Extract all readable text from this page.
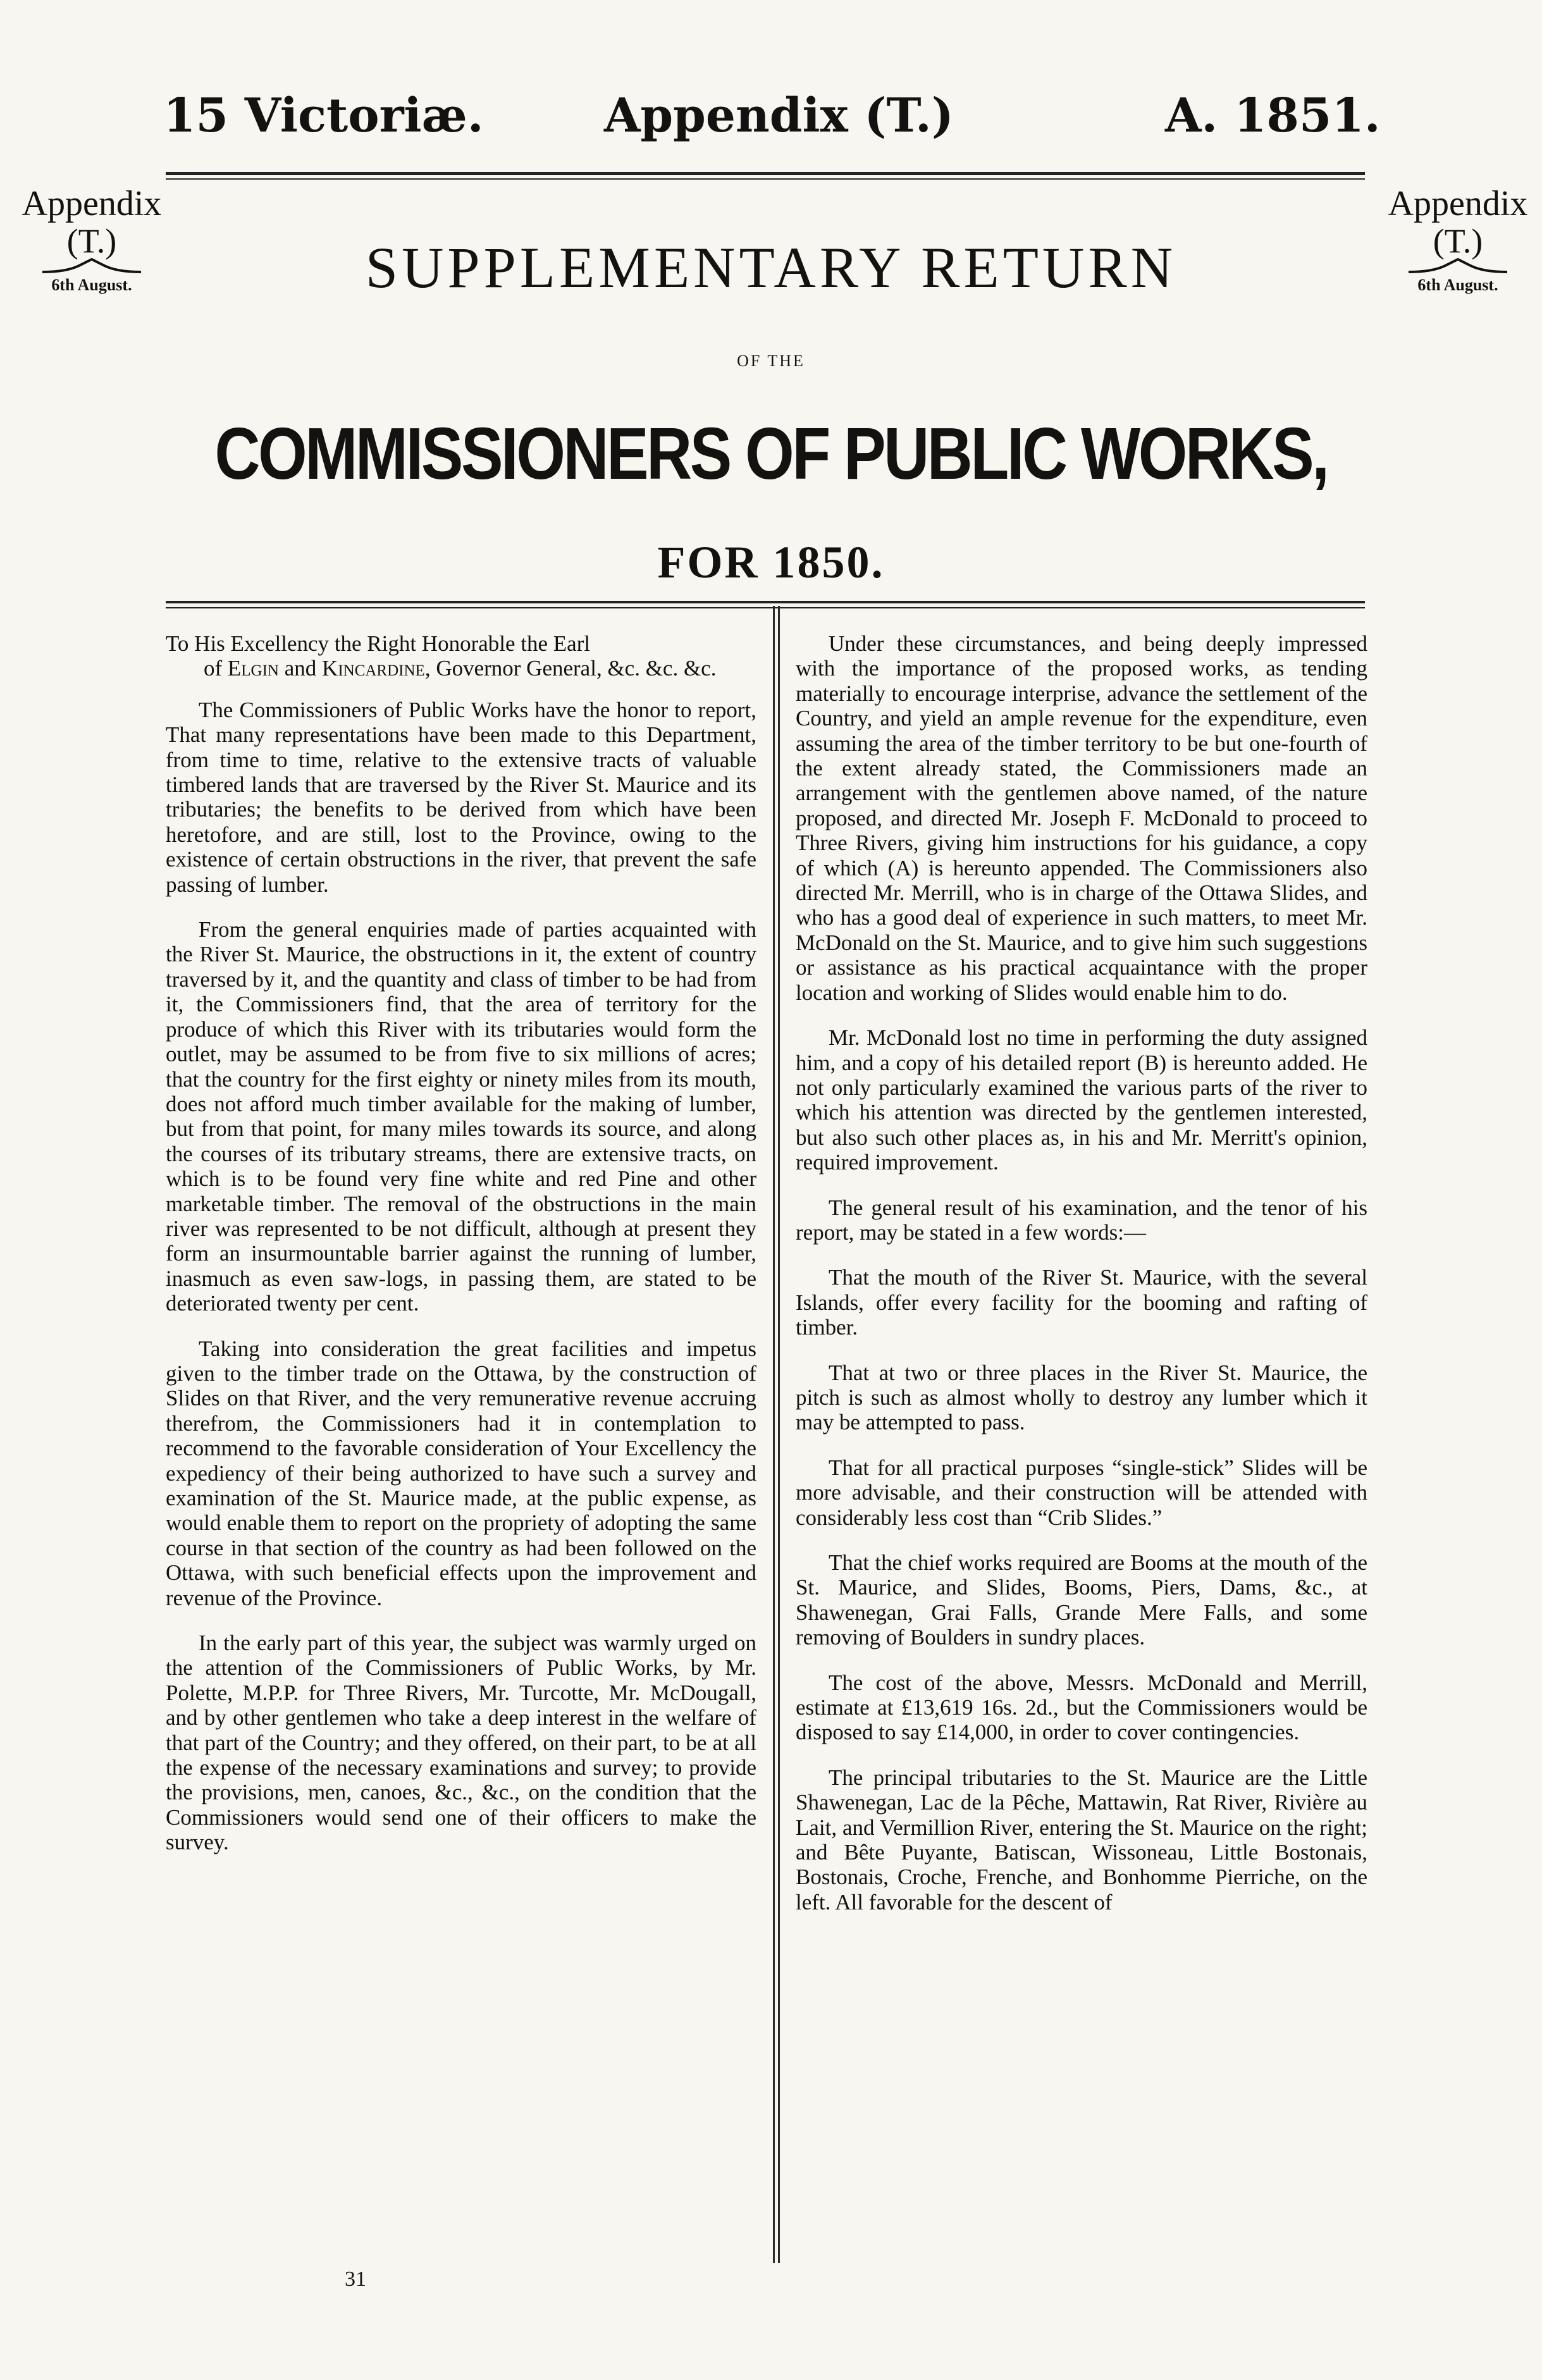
15 Victoriæ.	Appendix (T.)	A. 1851.
Appendix
(T.)
6th August.
Appendix
(T.)
6th August.
SUPPLEMENTARY RETURN
OF THE
COMMISSIONERS OF PUBLIC WORKS,
FOR 1850.

To His Excellency the Right Honorable the Earl
of Elgin and Kincardine, Governor General, &c. &c. &c.

The Commissioners of Public Works have the honor to report, That many representations have been made to this Department, from time to time, relative to the extensive tracts of valuable timbered lands that are traversed by the River St. Maurice and its tributaries; the benefits to be derived from which have been heretofore, and are still, lost to the Province, owing to the existence of certain obstructions in the river, that prevent the safe passing of lumber.

From the general enquiries made of parties acquainted with the River St. Maurice, the obstructions in it, the extent of country traversed by it, and the quantity and class of timber to be had from it, the Commissioners find, that the area of territory for the produce of which this River with its tributaries would form the outlet, may be assumed to be from five to six millions of acres; that the country for the first eighty or ninety miles from its mouth, does not afford much timber available for the making of lumber, but from that point, for many miles towards its source, and along the courses of its tributary streams, there are extensive tracts, on which is to be found very fine white and red Pine and other marketable timber. The removal of the obstructions in the main river was represented to be not difficult, although at present they form an insurmountable barrier against the running of lumber, inasmuch as even saw-logs, in passing them, are stated to be deteriorated twenty per cent.

Taking into consideration the great facilities and impetus given to the timber trade on the Ottawa, by the construction of Slides on that River, and the very remunerative revenue accruing therefrom, the Commissioners had it in contemplation to recommend to the favorable consideration of Your Excellency the expediency of their being authorized to have such a survey and examination of the St. Maurice made, at the public expense, as would enable them to report on the propriety of adopting the same course in that section of the country as had been followed on the Ottawa, with such beneficial effects upon the improvement and revenue of the Province.

In the early part of this year, the subject was warmly urged on the attention of the Commissioners of Public Works, by Mr. Polette, M.P.P. for Three Rivers, Mr. Turcotte, Mr. McDougall, and by other gentlemen who take a deep interest in the welfare of that part of the Country; and they offered, on their part, to be at all the expense of the necessary examinations and survey; to provide the provisions, men, canoes, &c., &c., on the condition that the Commissioners would send one of their officers to make the survey.

Under these circumstances, and being deeply impressed with the importance of the proposed works, as tending materially to encourage interprise, advance the settlement of the Country, and yield an ample revenue for the expenditure, even assuming the area of the timber territory to be but one-fourth of the extent already stated, the Commissioners made an arrangement with the gentlemen above named, of the nature proposed, and directed Mr. Joseph F. McDonald to proceed to Three Rivers, giving him instructions for his guidance, a copy of which (A) is hereunto appended. The Commissioners also directed Mr. Merrill, who is in charge of the Ottawa Slides, and who has a good deal of experience in such matters, to meet Mr. McDonald on the St. Maurice, and to give him such suggestions or assistance as his practical acquaintance with the proper location and working of Slides would enable him to do.

Mr. McDonald lost no time in performing the duty assigned him, and a copy of his detailed report (B) is hereunto added. He not only particularly examined the various parts of the river to which his attention was directed by the gentlemen interested, but also such other places as, in his and Mr. Merritt's opinion, required improvement.

The general result of his examination, and the tenor of his report, may be stated in a few words:—

That the mouth of the River St. Maurice, with the several Islands, offer every facility for the booming and rafting of timber.

That at two or three places in the River St. Maurice, the pitch is such as almost wholly to destroy any lumber which it may be attempted to pass.

That for all practical purposes “single-stick” Slides will be more advisable, and their construction will be attended with considerably less cost than “Crib Slides.”

That the chief works required are Booms at the mouth of the St. Maurice, and Slides, Booms, Piers, Dams, &c., at Shawenegan, Grai Falls, Grande Mere Falls, and some removing of Boulders in sundry places.

The cost of the above, Messrs. McDonald and Merrill, estimate at £13,619 16s. 2d., but the Commissioners would be disposed to say £14,000, in order to cover contingencies.

The principal tributaries to the St. Maurice are the Little Shawenegan, Lac de la Pêche, Mattawin, Rat River, Rivière au Lait, and Vermillion River, entering the St. Maurice on the right; and Bête Puyante, Batiscan, Wissoneau, Little Bostonais, Bostonais, Croche, Frenche, and Bonhomme Pierriche, on the left. All favorable for the descent of

31
